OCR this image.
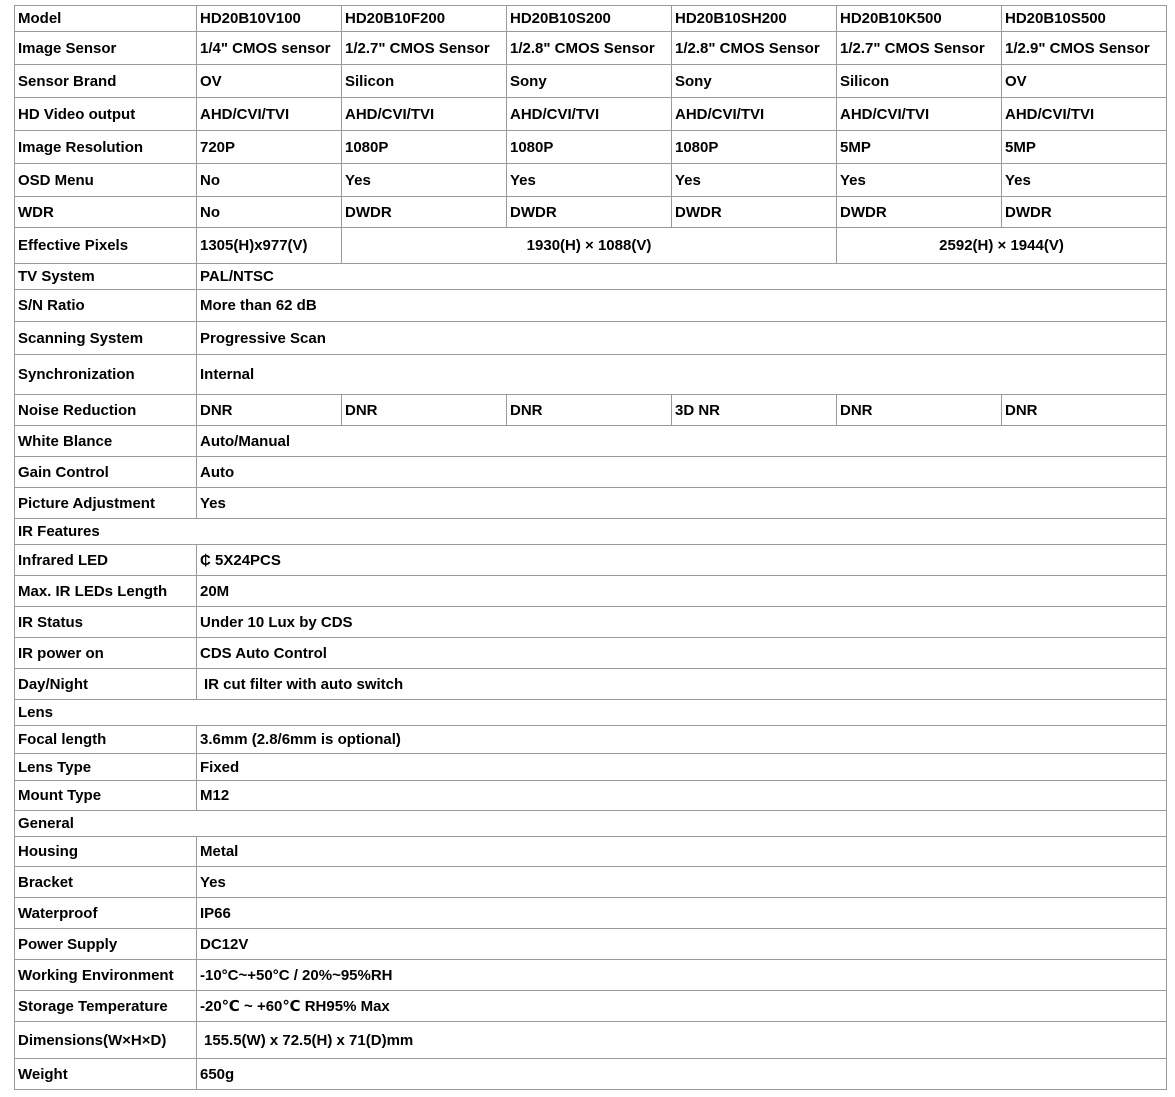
Model	HD20B10V100	HD20B10F200	HD20B10S200	HD20B10SH200	HD20B10K500	HD20B10S500
Image Sensor	1/4" CMOS sensor	1/2.7" CMOS Sensor	1/2.8" CMOS Sensor	1/2.8" CMOS Sensor	1/2.7" CMOS Sensor	1/2.9" CMOS Sensor
Sensor Brand	OV	Silicon	Sony	Sony	Silicon	OV
HD Video output	AHD/CVI/TVI	AHD/CVI/TVI	AHD/CVI/TVI	AHD/CVI/TVI	AHD/CVI/TVI	AHD/CVI/TVI
Image Resolution	720P	1080P	1080P	1080P	5MP	5MP
OSD Menu	No	Yes	Yes	Yes	Yes	Yes
WDR	No	DWDR	DWDR	DWDR	DWDR	DWDR
Effective Pixels	1305(H)x977(V)	1930(H) × 1088(V)			2592(H) × 1944(V)	
TV System	PAL/NTSC					
S/N Ratio	More than 62 dB					
Scanning System	Progressive Scan					
Synchronization	Internal					
Noise Reduction	DNR	DNR	DNR	3D NR	DNR	DNR
White Blance	Auto/Manual					
Gain Control	Auto					
Picture Adjustment	Yes					
IR Features						
Infrared LED	₵ 5X24PCS					
Max. IR LEDs Length	20M					
IR Status	Under 10 Lux by CDS					
IR power on	CDS Auto Control					
Day/Night	IR cut filter with auto switch					
Lens						
Focal length	3.6mm (2.8/6mm is optional)					
Lens Type	Fixed					
Mount Type	M12					
General						
Housing	Metal					
Bracket	Yes					
Waterproof	IP66					
Power Supply	DC12V					
Working Environment	-10°C~+50°C / 20%~95%RH					
Storage Temperature	-20℃ ~ +60℃ RH95% Max					
Dimensions(W×H×D)	155.5(W) x 72.5(H) x 71(D)mm					
Weight	650g					
